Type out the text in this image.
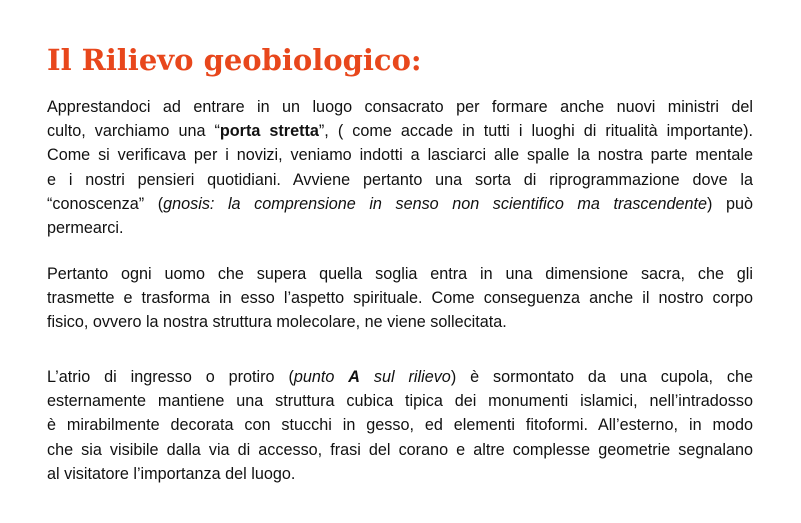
Il Rilievo geobiologico:
Apprestandoci ad entrare in un luogo consacrato per formare anche nuovi ministri del
culto, varchiamo una “porta stretta”, ( come accade in tutti i luoghi di ritualità importante).
Come si verificava per i novizi, veniamo indotti a lasciarci alle spalle la nostra parte mentale
e i nostri pensieri quotidiani. Avviene pertanto una sorta di riprogrammazione dove la
“conoscenza” (gnosis: la comprensione in senso non scientifico ma trascendente) può
permearci.
Pertanto ogni uomo che supera quella soglia entra in una dimensione sacra, che gli
trasmette e trasforma in esso l’aspetto spirituale. Come conseguenza anche il nostro corpo
fisico, ovvero la nostra struttura molecolare, ne viene sollecitata.
L’atrio di ingresso o protiro (punto A sul rilievo) è sormontato da una cupola, che
esternamente mantiene una struttura cubica tipica dei monumenti islamici, nell’intradosso
è mirabilmente decorata con stucchi in gesso, ed elementi fitoformi. All’esterno, in modo
che sia visibile dalla via di accesso, frasi del corano e altre complesse geometrie segnalano
al visitatore l’importanza del luogo.
